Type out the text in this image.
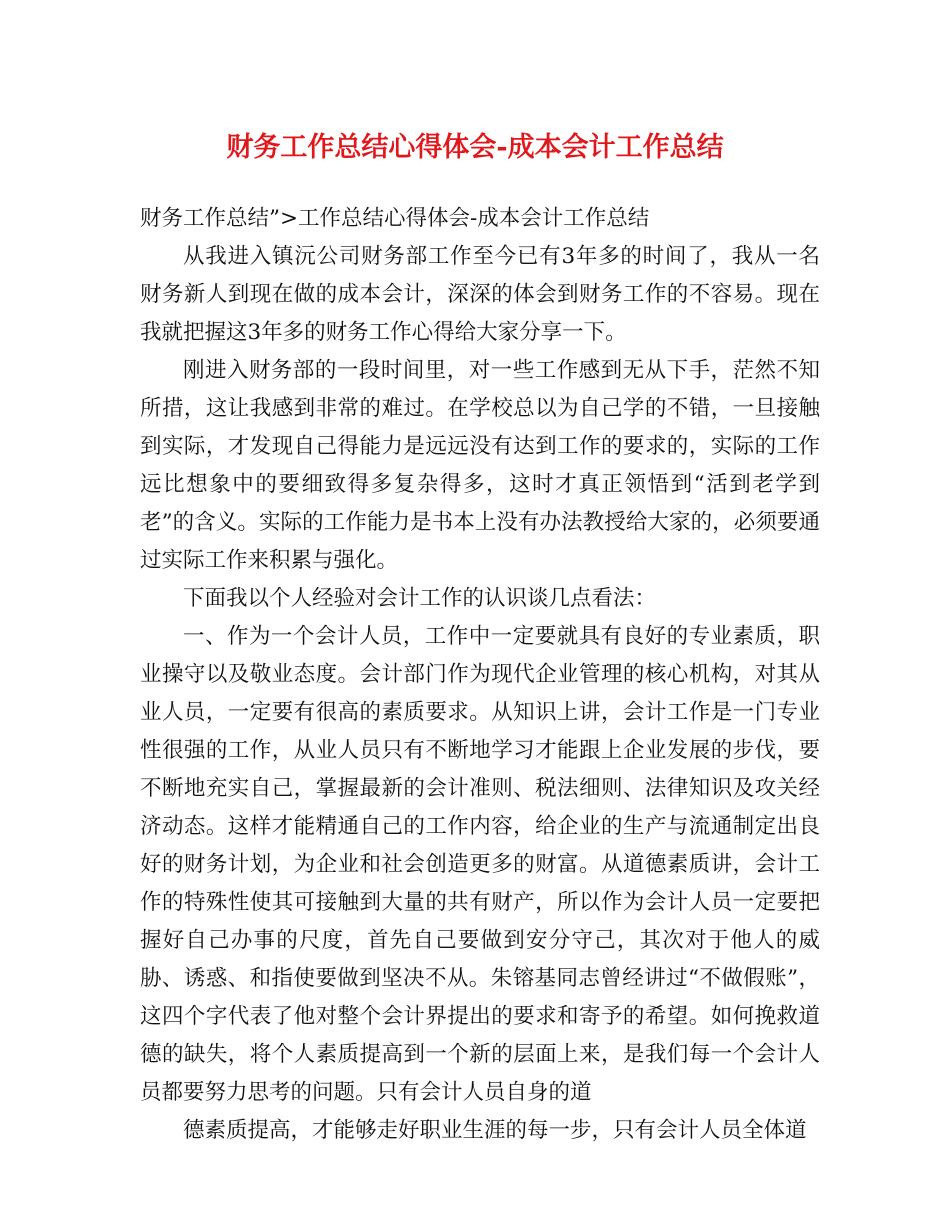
财务工作总结心得体会-成本会计工作总结

财务工作总结”>工作总结心得体会-成本会计工作总结

从我进入镇沅公司财务部工作至今已有3年多的时间了，我从一名财务新人到现在做的成本会计，深深的体会到财务工作的不容易。现在我就把握这3年多的财务工作心得给大家分享一下。

刚进入财务部的一段时间里，对一些工作感到无从下手，茫然不知所措，这让我感到非常的难过。在学校总以为自己学的不错，一旦接触到实际，才发现自己得能力是远远没有达到工作的要求的，实际的工作远比想象中的要细致得多复杂得多，这时才真正领悟到“活到老学到老”的含义。实际的工作能力是书本上没有办法教授给大家的，必须要通过实际工作来积累与强化。

下面我以个人经验对会计工作的认识谈几点看法：

一、作为一个会计人员，工作中一定要就具有良好的专业素质，职业操守以及敬业态度。会计部门作为现代企业管理的核心机构，对其从业人员，一定要有很高的素质要求。从知识上讲，会计工作是一门专业性很强的工作，从业人员只有不断地学习才能跟上企业发展的步伐，要不断地充实自己，掌握最新的会计准则、税法细则、法律知识及攻关经济动态。这样才能精通自己的工作内容，给企业的生产与流通制定出良好的财务计划，为企业和社会创造更多的财富。从道德素质讲，会计工作的特殊性使其可接触到大量的共有财产，所以作为会计人员一定要把握好自己办事的尺度，首先自己要做到安分守己，其次对于他人的威胁、诱惑、和指使要做到坚决不从。朱镕基同志曾经讲过“不做假账”，这四个字代表了他对整个会计界提出的要求和寄予的希望。如何挽救道德的缺失，将个人素质提高到一个新的层面上来，是我们每一个会计人员都要努力思考的问题。只有会计人员自身的道

德素质提高，才能够走好职业生涯的每一步，只有会计人员全体道
